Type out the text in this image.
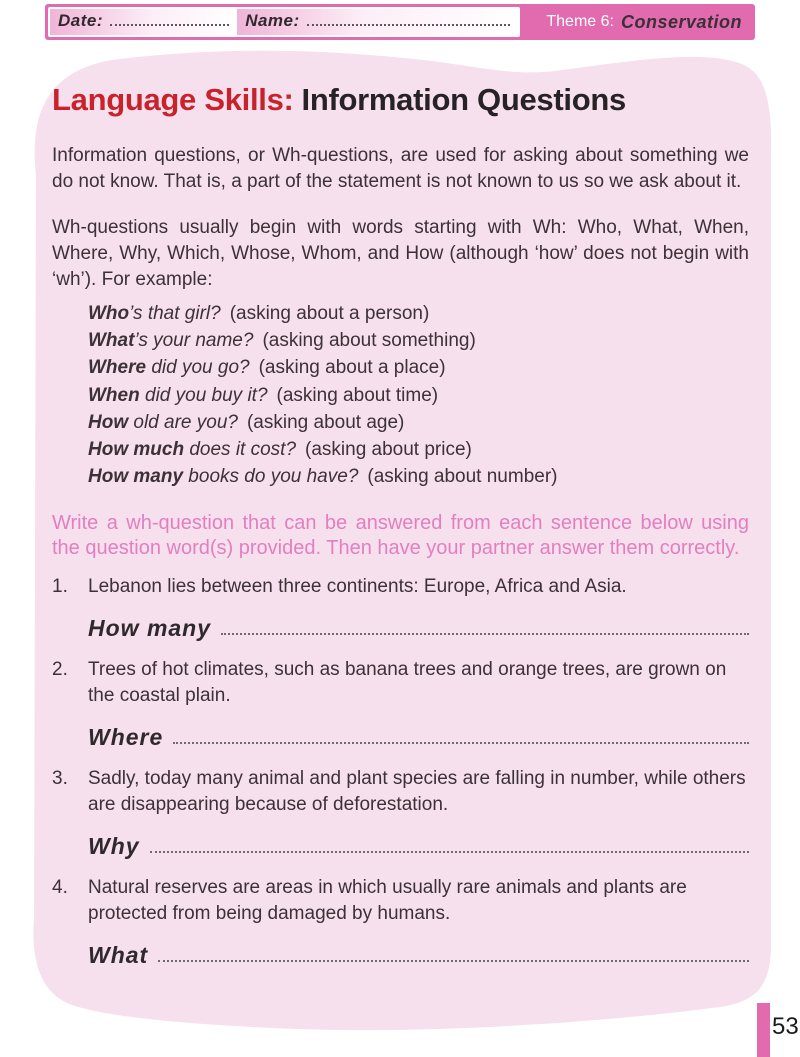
Date:	Name:	Theme 6: Conservation
Language Skills: Information Questions

Information questions, or Wh-questions, are used for asking about something we do not know. That is, a part of the statement is not known to us so we ask about it.

Wh-questions usually begin with words starting with Wh: Who, What, When, Where, Why, Which, Whose, Whom, and How (although ‘how’ does not begin with ‘wh’). For example:

Who’s that girl? (asking about a person)
What’s your name? (asking about something)
Where did you go? (asking about a place)
When did you buy it? (asking about time)
How old are you? (asking about age)
How much does it cost? (asking about price)
How many books do you have? (asking about number)

Write a wh-question that can be answered from each sentence below using the question word(s) provided. Then have your partner answer them correctly.

1.	Lebanon lies between three continents: Europe, Africa and Asia.
How many
2.	Trees of hot climates, such as banana trees and orange trees, are grown on the coastal plain.
Where
3.	Sadly, today many animal and plant species are falling in number, while others are disappearing because of deforestation.
Why
4.	Natural reserves are areas in which usually rare animals and plants are protected from being damaged by humans.
What
53
